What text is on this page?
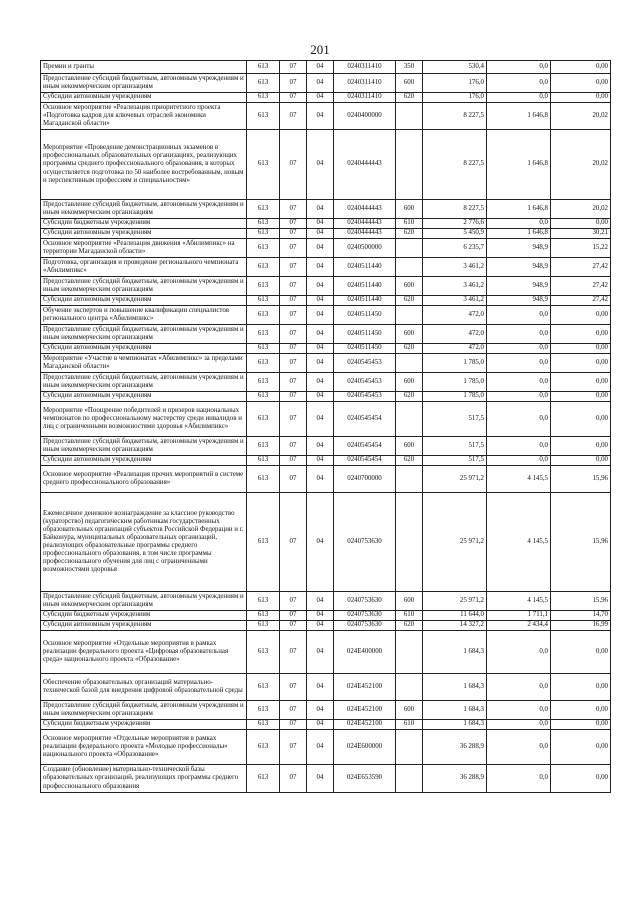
201
Премии и гранты	613	07	04	0240311410	350	530,4	0,0	0,00
Предоставление субсидий бюджетным, автономным учреждениям и иным некоммерческим организациям	613	07	04	0240311410	600	176,0	0,0	0,00
Субсидии автономным учреждениям	613	07	04	0240311410	620	176,0	0,0	0,00
Основное мероприятие «Реализация приоритетного проекта «Подготовка кадров для ключевых отраслей экономики Магаданской области»	613	07	04	0240400000		8 227,5	1 646,8	20,02
Мероприятие «Проведение демонстрационных экзаменов в профессиональных образовательных организациях, реализующих программы среднего профессионального образования, в которых осуществляется подготовка по 50 наиболее востребованным, новым и перспективным профессиям и специальностям»	613	07	04	0240444443		8 227,5	1 646,8	20,02
Предоставление субсидий бюджетным, автономным учреждениям и иным некоммерческим организациям	613	07	04	0240444443	600	8 227,5	1 646,8	20,02
Субсидии бюджетным учреждениям	613	07	04	0240444443	610	2 776,6	0,0	0,00
Субсидии автономным учреждениям	613	07	04	0240444443	620	5 450,9	1 646,8	30,21
Основное мероприятие «Реализация движения «Абилимпикс» на территории Магаданской области»	613	07	04	0240500000		6 235,7	948,9	15,22
Подготовка, организация и проведение регионального чемпионата «Абилимпикс»	613	07	04	0240511440		3 461,2	948,9	27,42
Предоставление субсидий бюджетным, автономным учреждениям и иным некоммерческим организациям	613	07	04	0240511440	600	3 461,2	948,9	27,42
Субсидии автономным учреждениям	613	07	04	0240511440	620	3 461,2	948,9	27,42
Обучение экспертов и повышение квалификации специалистов регионального центра «Абилимпикс»	613	07	04	0240511450		472,0	0,0	0,00
Предоставление субсидий бюджетным, автономным учреждениям и иным некоммерческим организациям	613	07	04	0240511450	600	472,0	0,0	0,00
Субсидии автономным учреждениям	613	07	04	0240511450	620	472,0	0,0	0,00
Мероприятие «Участие в чемпионатах «Абилимпикс» за пределами Магаданской области»	613	07	04	0240545453		1 785,0	0,0	0,00
Предоставление субсидий бюджетным, автономным учреждениям и иным некоммерческим организациям	613	07	04	0240545453	600	1 785,0	0,0	0,00
Субсидии автономным учреждениям	613	07	04	0240545453	620	1 785,0	0,0	0,00
Мероприятие «Поощрение победителей и призеров национальных чемпионатов по профессиональному мастерству среди инвалидов и лиц с ограниченными возможностями здоровья «Абилимпикс»	613	07	04	0240545454		517,5	0,0	0,00
Предоставление субсидий бюджетным, автономным учреждениям и иным некоммерческим организациям	613	07	04	0240545454	600	517,5	0,0	0,00
Субсидии автономным учреждениям	613	07	04	0240545454	620	517,5	0,0	0,00
Основное мероприятие «Реализация прочих мероприятий в системе среднего профессионального образования»	613	07	04	0240700000		25 971,2	4 145,5	15,96
Ежемесячное денежное вознаграждение за классное руководство (кураторство) педагогическим работникам государственных образовательных организаций субъектов Российской Федерации и г. Байконура, муниципальных образовательных организаций, реализующих образовательные программы среднего профессионального образования, в том числе программы профессионального обучения для лиц с ограниченными возможностями здоровья	613	07	04	0240753630		25 971,2	4 145,5	15,96
Предоставление субсидий бюджетным, автономным учреждениям и иным некоммерческим организациям	613	07	04	0240753630	600	25 971,2	4 145,5	15,96
Субсидии бюджетным учреждениям	613	07	04	0240753630	610	11 644,0	1 711,1	14,70
Субсидии автономным учреждениям	613	07	04	0240753630	620	14 327,2	2 434,4	16,99
Основное мероприятие «Отдельные мероприятия в рамках реализации федерального проекта «Цифровая образовательная среда» национального проекта «Образование»	613	07	04	024E400000		1 684,3	0,0	0,00
Обеспечение образовательных организаций материально-технической базой для внедрения цифровой образовательной среды	613	07	04	024E452100		1 684,3	0,0	0,00
Предоставление субсидий бюджетным, автономным учреждениям и иным некоммерческим организациям	613	07	04	024E452100	600	1 684,3	0,0	0,00
Субсидии бюджетным учреждениям	613	07	04	024E452100	610	1 684,3	0,0	0,00
Основное мероприятие «Отдельные мероприятия в рамках реализации федерального проекта «Молодые профессионалы» национального проекта «Образование»	613	07	04	024E600000		36 288,9	0,0	0,00
Создание (обновление) материально-технической базы образовательных организаций, реализующих программы среднего профессионального образования	613	07	04	024E653590		36 288,9	0,0	0,00
